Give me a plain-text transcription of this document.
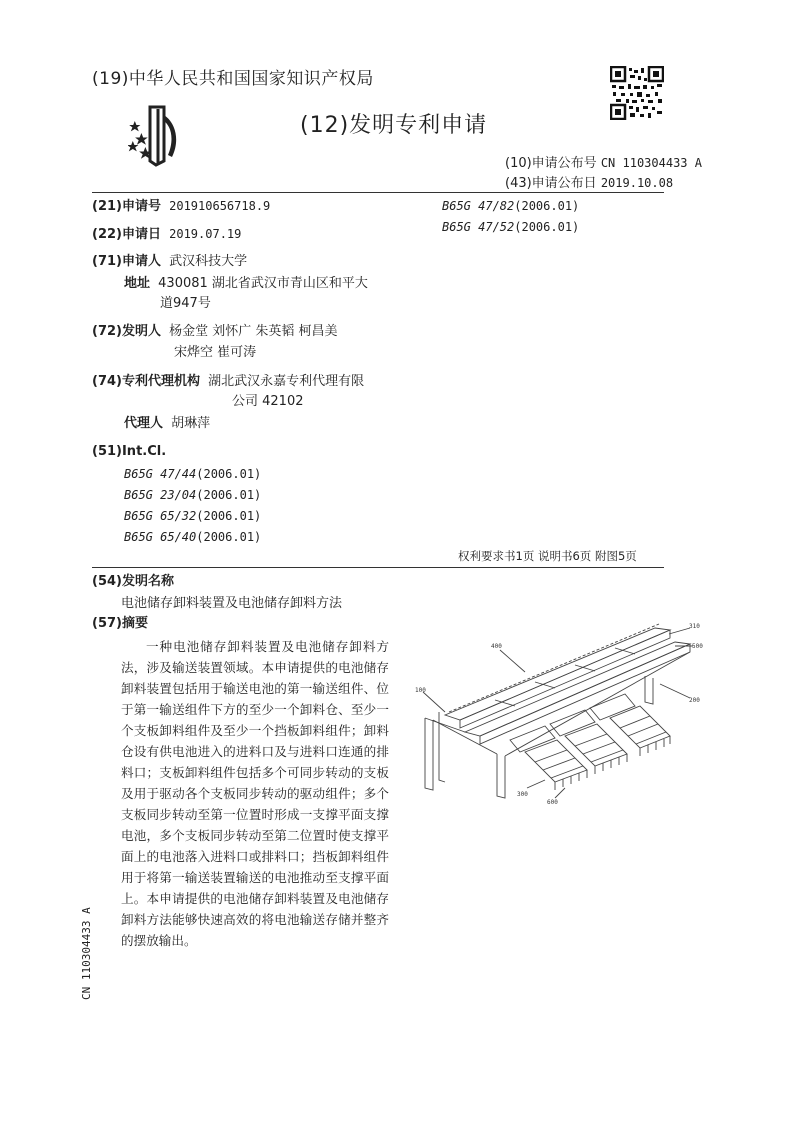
(19)中华人民共和国国家知识产权局
(12)发明专利申请
(10)申请公布号 CN 110304433 A
(43)申请公布日 2019.10.08
(21)申请号 201910656718.9
(22)申请日 2019.07.19
(71)申请人 武汉科技大学
地址 430081 湖北省武汉市青山区和平大
道947号
(72)发明人 杨金堂 刘怀广 朱英韬 柯昌美
宋烨空 崔可涛
(74)专利代理机构 湖北武汉永嘉专利代理有限
公司 42102
代理人 胡琳萍
(51)Int.Cl.
B65G 47/44(2006.01)
B65G 23/04(2006.01)
B65G 65/32(2006.01)
B65G 65/40(2006.01)
B65G 47/82(2006.01)
B65G 47/52(2006.01)
权利要求书1页 说明书6页 附图5页
(54)发明名称
电池储存卸料装置及电池储存卸料方法
(57)摘要
一种电池储存卸料装置及电池储存卸料方法，涉及输送装置领域。本申请提供的电池储存卸料装置包括用于输送电池的第一输送组件、位于第一输送组件下方的至少一个卸料仓、至少一个支板卸料组件及至少一个挡板卸料组件；卸料仓设有供电池进入的进料口及与进料口连通的排料口；支板卸料组件包括多个可同步转动的支板及用于驱动各个支板同步转动的驱动组件；多个支板同步转动至第一位置时形成一支撑平面支撑电池，多个支板同步转动至第二位置时使支撑平面上的电池落入进料口或排料口；挡板卸料组件用于将第一输送装置输送的电池推动至支撑平面上。本申请提供的电池储存卸料装置及电池储存卸料方法能够快速高效的将电池输送存储并整齐的摆放输出。
310
500
400
100
200
300
600
CN 110304433 A
